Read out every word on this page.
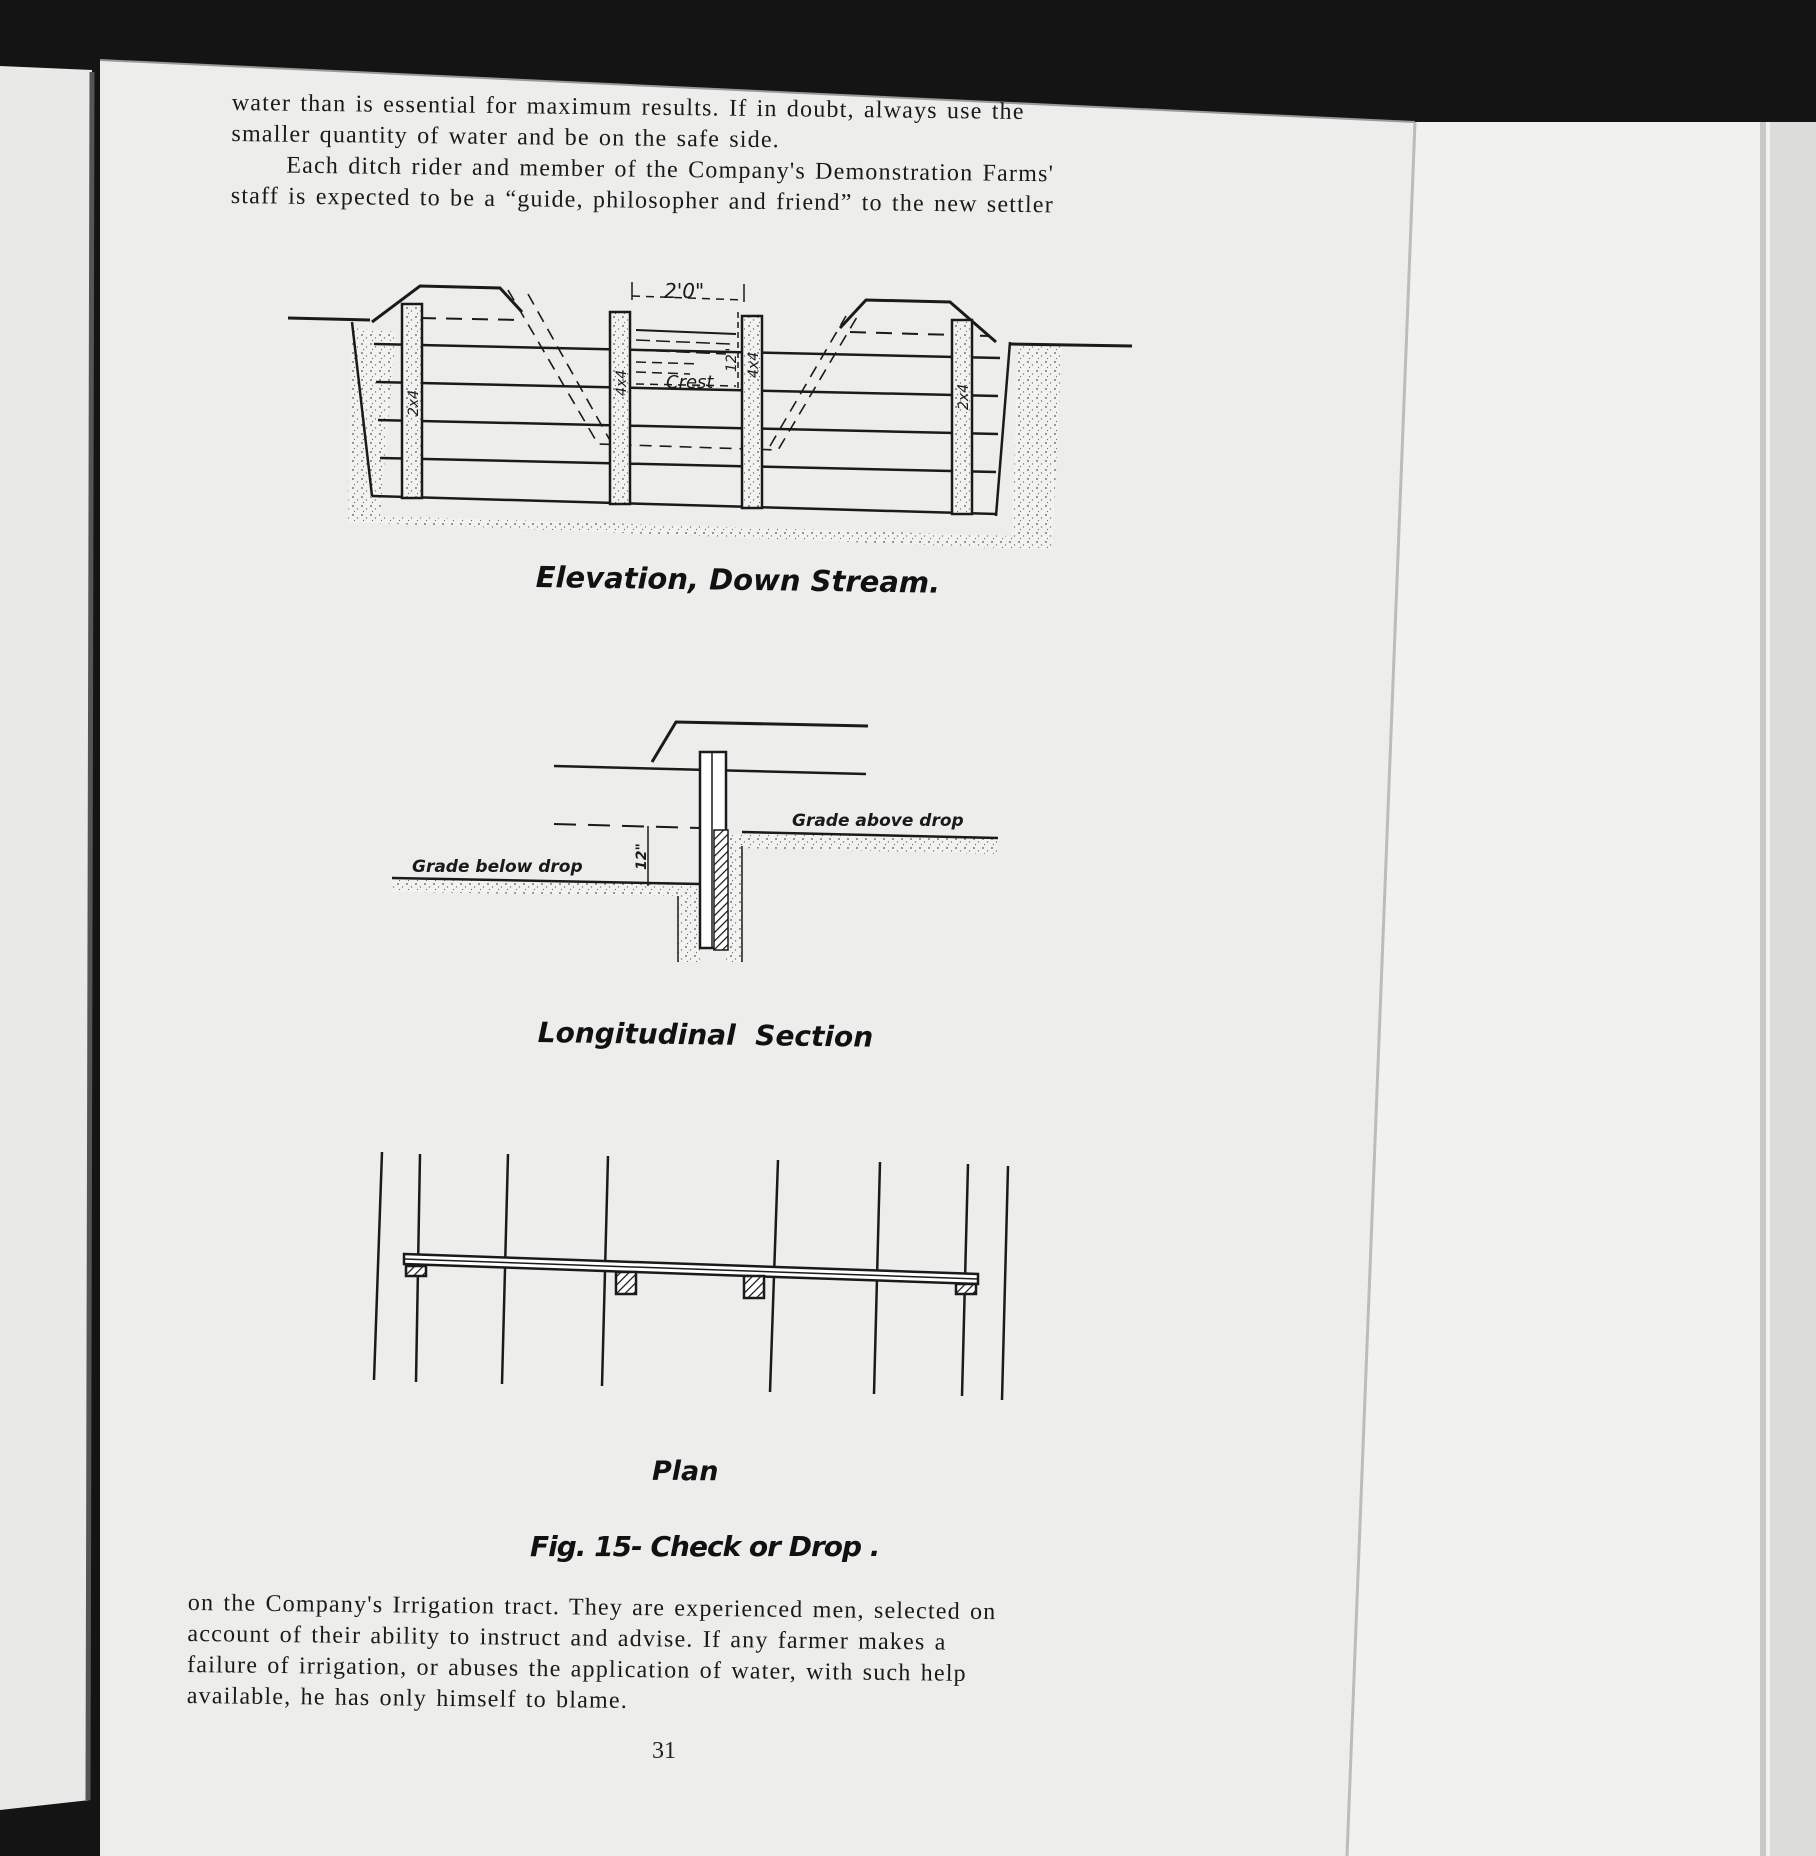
water than is essential for maximum results. If in doubt, always use the
smaller quantity of water and be on the safe side.
Each ditch rider and member of the Company's Demonstration Farms'
staff is expected to be a “guide, philosopher and friend” to the new settler
2'0"
Crest
2x4
4x4
4x4
2x4
12"
Grade above drop
Grade below drop	12"
Elevation, Down Stream.
Longitudinal  Section
Plan
Fig. 15- Check or Drop .
on the Company's Irrigation tract. They are experienced men, selected on
account of their ability to instruct and advise. If any farmer makes a
failure of irrigation, or abuses the application of water, with such help
available, he has only himself to blame.
31
